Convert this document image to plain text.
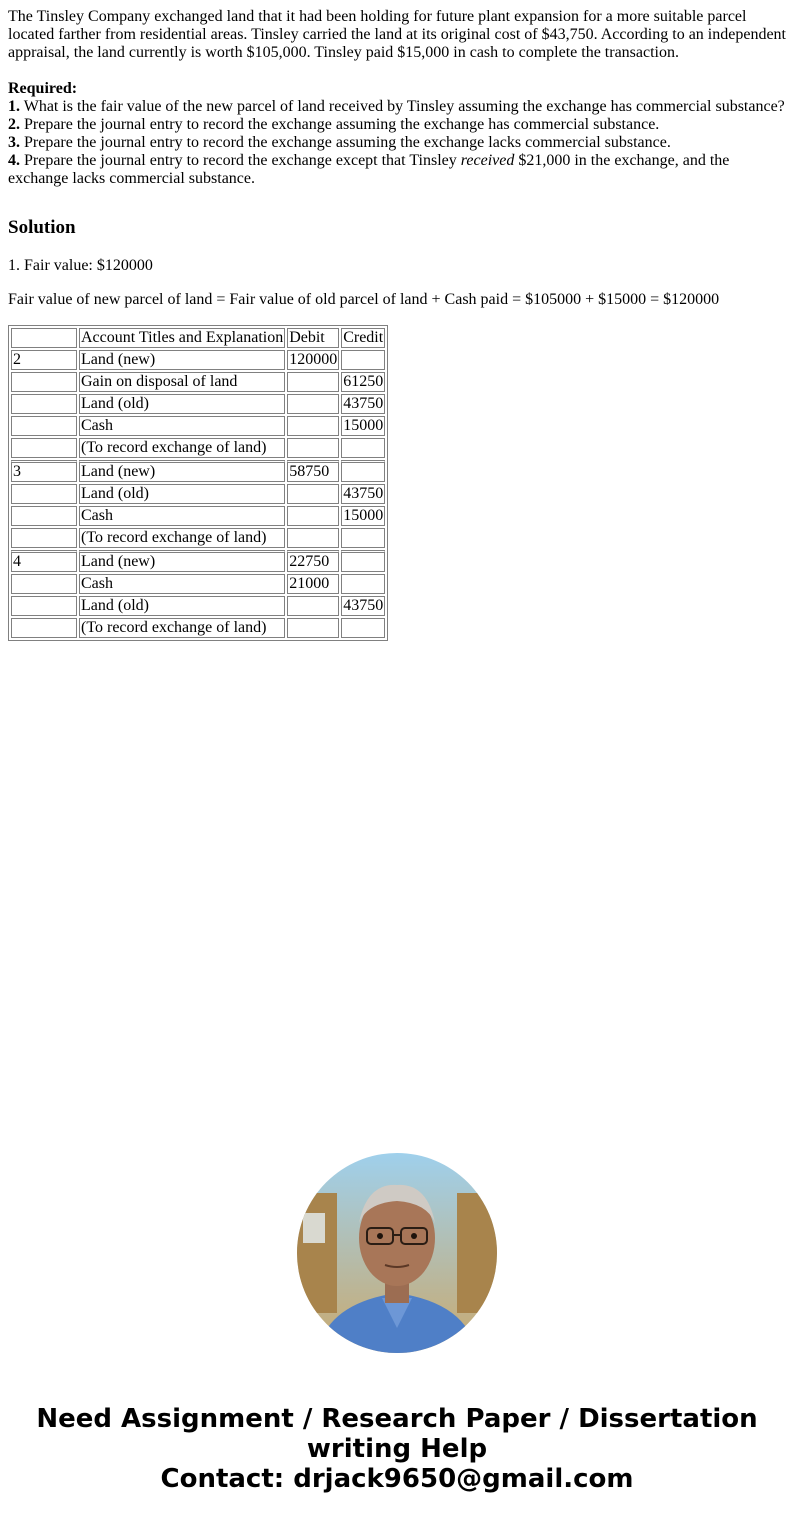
The Tinsley Company exchanged land that it had been holding for future plant expansion for a more suitable parcel located farther from residential areas. Tinsley carried the land at its original cost of $43,750. According to an independent appraisal, the land currently is worth $105,000. Tinsley paid $15,000 in cash to complete the transaction.

Required:

1. What is the fair value of the new parcel of land received by Tinsley assuming the exchange has commercial substance?

2. Prepare the journal entry to record the exchange assuming the exchange has commercial substance.

3. Prepare the journal entry to record the exchange assuming the exchange lacks commercial substance.

4. Prepare the journal entry to record the exchange except that Tinsley received $21,000 in the exchange, and the exchange lacks commercial substance.

Solution

1. Fair value: $120000

Fair value of new parcel of land = Fair value of old parcel of land + Cash paid = $105000 + $15000 = $120000

	Account Titles and Explanation	Debit	Credit
2	Land (new)	120000	
	Gain on disposal of land		61250
	Land (old)		43750
	Cash		15000
	(To record exchange of land)		
3	Land (new)	58750	
	Land (old)		43750
	Cash		15000
	(To record exchange of land)		
4	Land (new)	22750	
	Cash	21000	
	Land (old)		43750
	(To record exchange of land)		
Need Assignment / Research Paper / Dissertation
writing Help
Contact: drjack9650@gmail.com
